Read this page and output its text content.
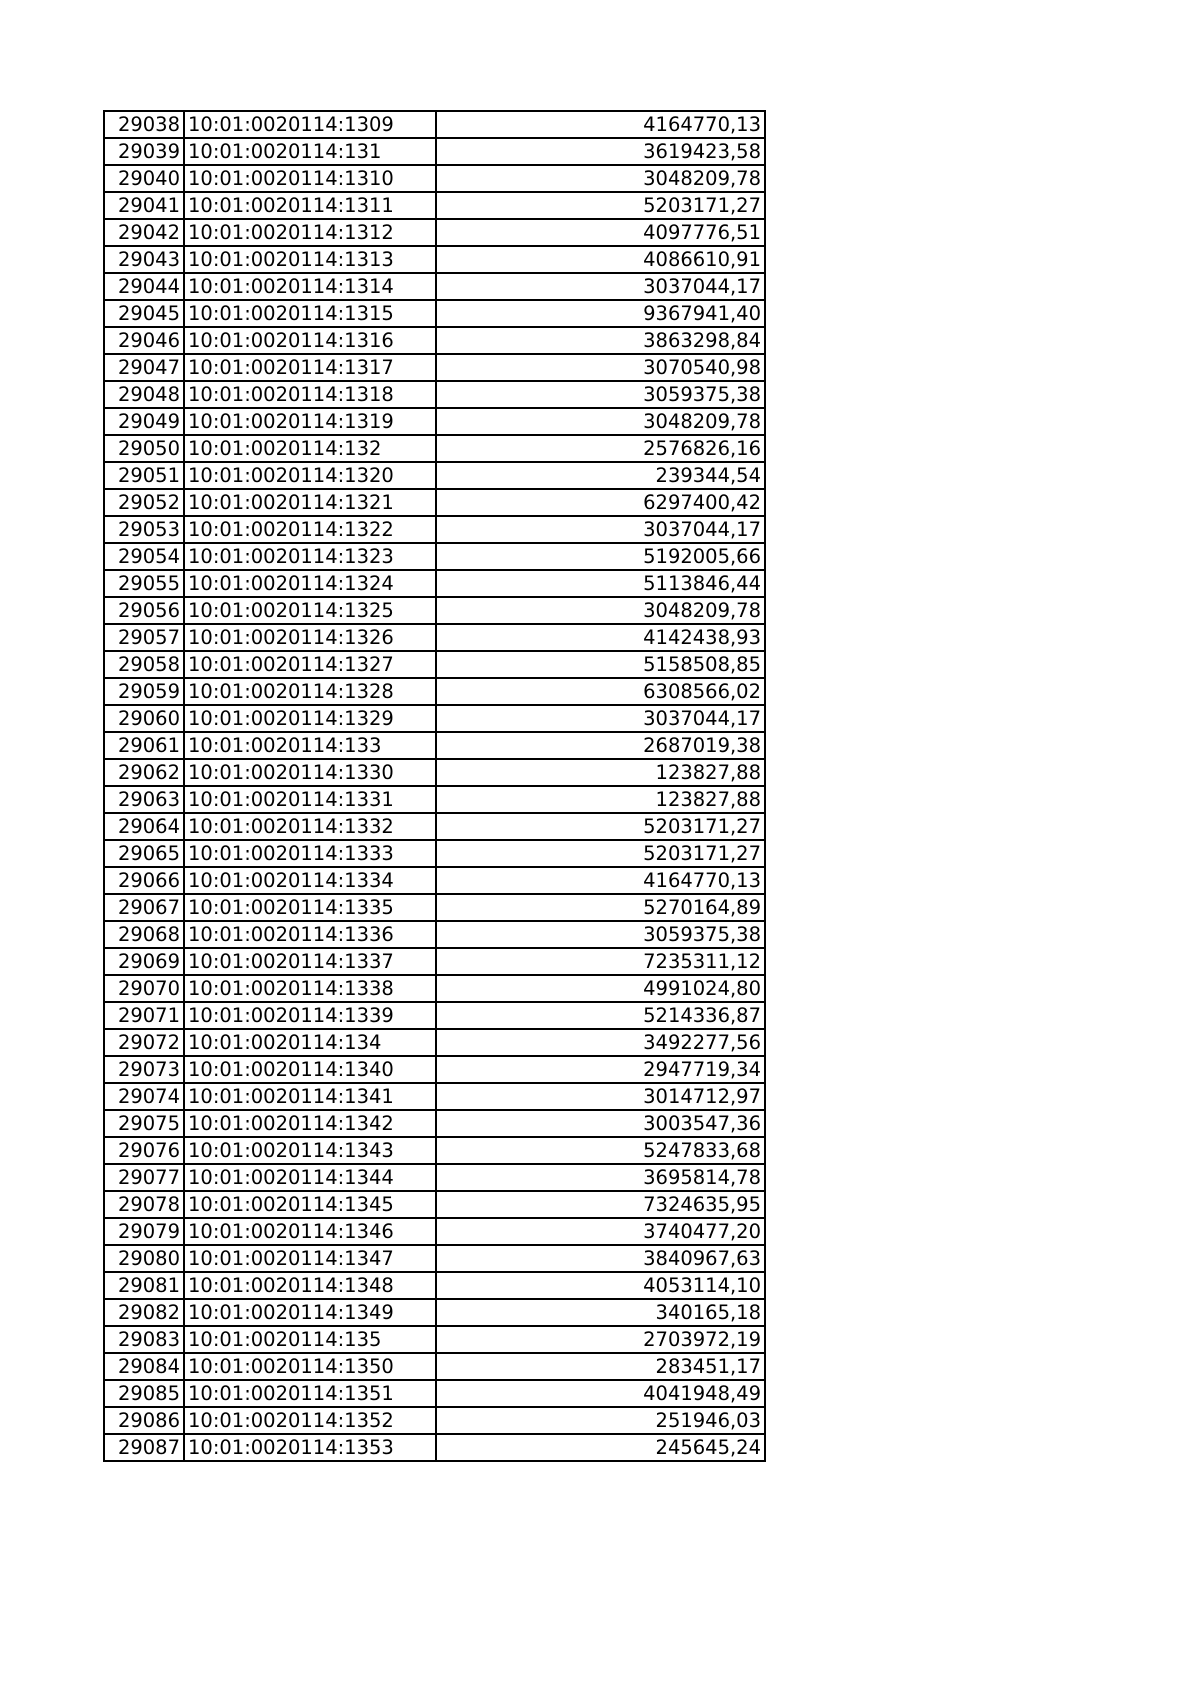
29038	10:01:0020114:1309	4164770,13
29039	10:01:0020114:131	3619423,58
29040	10:01:0020114:1310	3048209,78
29041	10:01:0020114:1311	5203171,27
29042	10:01:0020114:1312	4097776,51
29043	10:01:0020114:1313	4086610,91
29044	10:01:0020114:1314	3037044,17
29045	10:01:0020114:1315	9367941,40
29046	10:01:0020114:1316	3863298,84
29047	10:01:0020114:1317	3070540,98
29048	10:01:0020114:1318	3059375,38
29049	10:01:0020114:1319	3048209,78
29050	10:01:0020114:132	2576826,16
29051	10:01:0020114:1320	239344,54
29052	10:01:0020114:1321	6297400,42
29053	10:01:0020114:1322	3037044,17
29054	10:01:0020114:1323	5192005,66
29055	10:01:0020114:1324	5113846,44
29056	10:01:0020114:1325	3048209,78
29057	10:01:0020114:1326	4142438,93
29058	10:01:0020114:1327	5158508,85
29059	10:01:0020114:1328	6308566,02
29060	10:01:0020114:1329	3037044,17
29061	10:01:0020114:133	2687019,38
29062	10:01:0020114:1330	123827,88
29063	10:01:0020114:1331	123827,88
29064	10:01:0020114:1332	5203171,27
29065	10:01:0020114:1333	5203171,27
29066	10:01:0020114:1334	4164770,13
29067	10:01:0020114:1335	5270164,89
29068	10:01:0020114:1336	3059375,38
29069	10:01:0020114:1337	7235311,12
29070	10:01:0020114:1338	4991024,80
29071	10:01:0020114:1339	5214336,87
29072	10:01:0020114:134	3492277,56
29073	10:01:0020114:1340	2947719,34
29074	10:01:0020114:1341	3014712,97
29075	10:01:0020114:1342	3003547,36
29076	10:01:0020114:1343	5247833,68
29077	10:01:0020114:1344	3695814,78
29078	10:01:0020114:1345	7324635,95
29079	10:01:0020114:1346	3740477,20
29080	10:01:0020114:1347	3840967,63
29081	10:01:0020114:1348	4053114,10
29082	10:01:0020114:1349	340165,18
29083	10:01:0020114:135	2703972,19
29084	10:01:0020114:1350	283451,17
29085	10:01:0020114:1351	4041948,49
29086	10:01:0020114:1352	251946,03
29087	10:01:0020114:1353	245645,24
